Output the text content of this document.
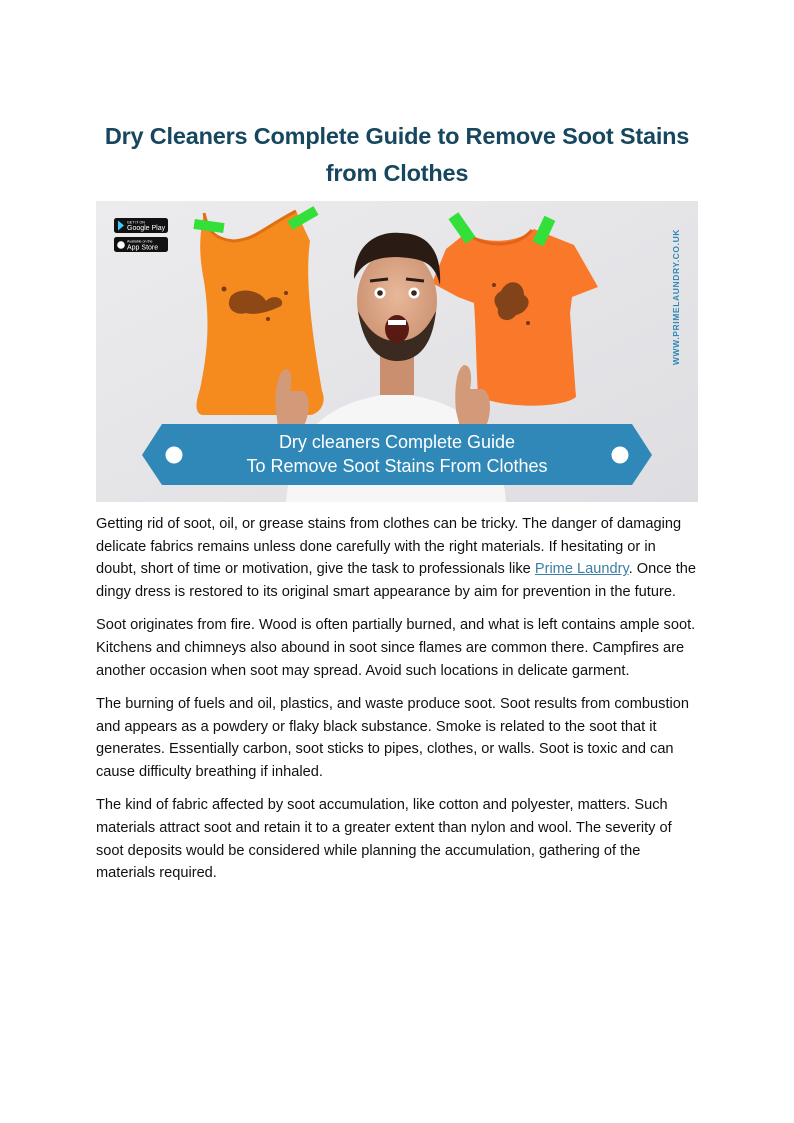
Dry Cleaners Complete Guide to Remove Soot Stains from Clothes
GET IT ON
Google Play
Available on the
App Store
Dry cleaners Complete Guide
To Remove Soot Stains From Clothes
WWW.PRIMELAUNDRY.CO.UK

Getting rid of soot, oil, or grease stains from clothes can be tricky. The danger of damaging delicate fabrics remains unless done carefully with the right materials. If hesitating or in doubt, short of time or motivation, give the task to professionals like Prime Laundry. Once the dingy dress is restored to its original smart appearance by aim for prevention in the future.

Soot originates from fire. Wood is often partially burned, and what is left contains ample soot. Kitchens and chimneys also abound in soot since flames are common there. Campfires are another occasion when soot may spread. Avoid such locations in delicate garment.

The burning of fuels and oil, plastics, and waste produce soot. Soot results from combustion and appears as a powdery or flaky black substance. Smoke is related to the soot that it generates. Essentially carbon, soot sticks to pipes, clothes, or walls. Soot is toxic and can cause difficulty breathing if inhaled.

The kind of fabric affected by soot accumulation, like cotton and polyester, matters. Such materials attract soot and retain it to a greater extent than nylon and wool. The severity of soot deposits would be considered while planning the accumulation, gathering of the materials required.
